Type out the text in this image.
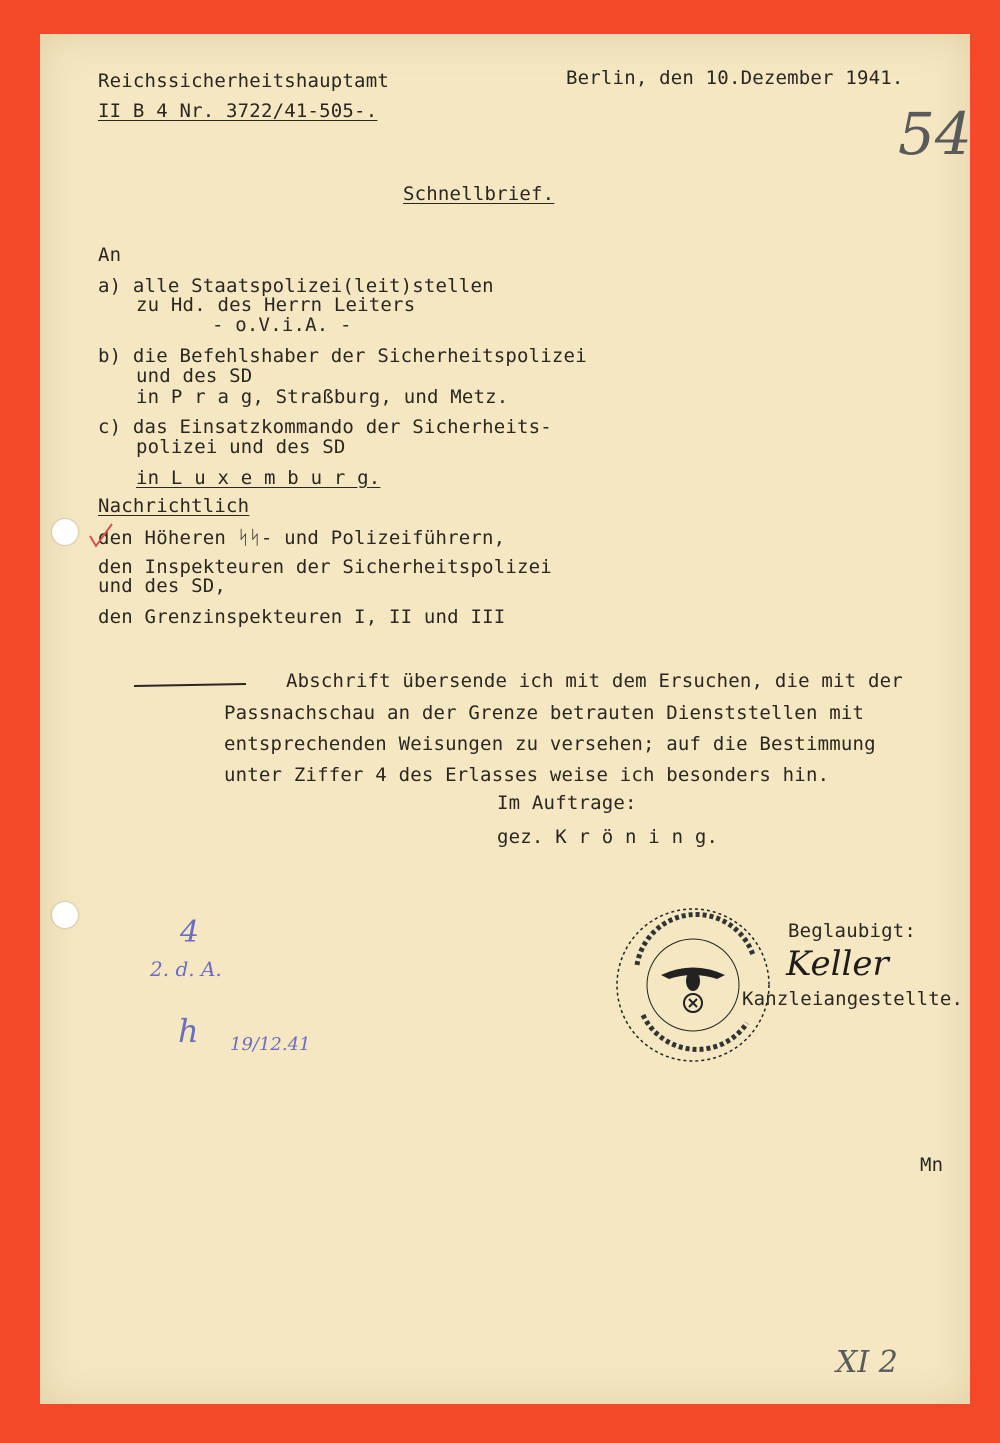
Reichssicherheitshauptamt
II B 4 Nr. 3722/41-505-.
Berlin, den 10.Dezember 1941.
54
Schnellbrief.
An
a) alle Staatspolizei(leit)stellen
zu Hd. des Herrn Leiters
- o.V.i.A. -
b) die Befehlshaber der Sicherheitspolizei
und des SD
in P r a g, Straßburg, und Metz.
c) das Einsatzkommando der Sicherheits-
polizei und des SD
in L u x e m b u r g.
Nachrichtlich
den Höheren ᛋᛋ- und Polizeiführern,
den Inspekteuren der Sicherheitspolizei
und des SD,
den Grenzinspekteuren I, II und III
Abschrift übersende ich mit dem Ersuchen, die mit der
Passnachschau an der Grenze betrauten Dienststellen mit
entsprechenden Weisungen zu versehen; auf die Bestimmung
unter Ziffer 4 des Erlasses weise ich besonders hin.
Im Auftrage:
gez. K r ö n i n g.
Beglaubigt:
Keller
Kanzleiangestellte.
2. d. A.
4
h 19/12.41
Mn
XI 2
